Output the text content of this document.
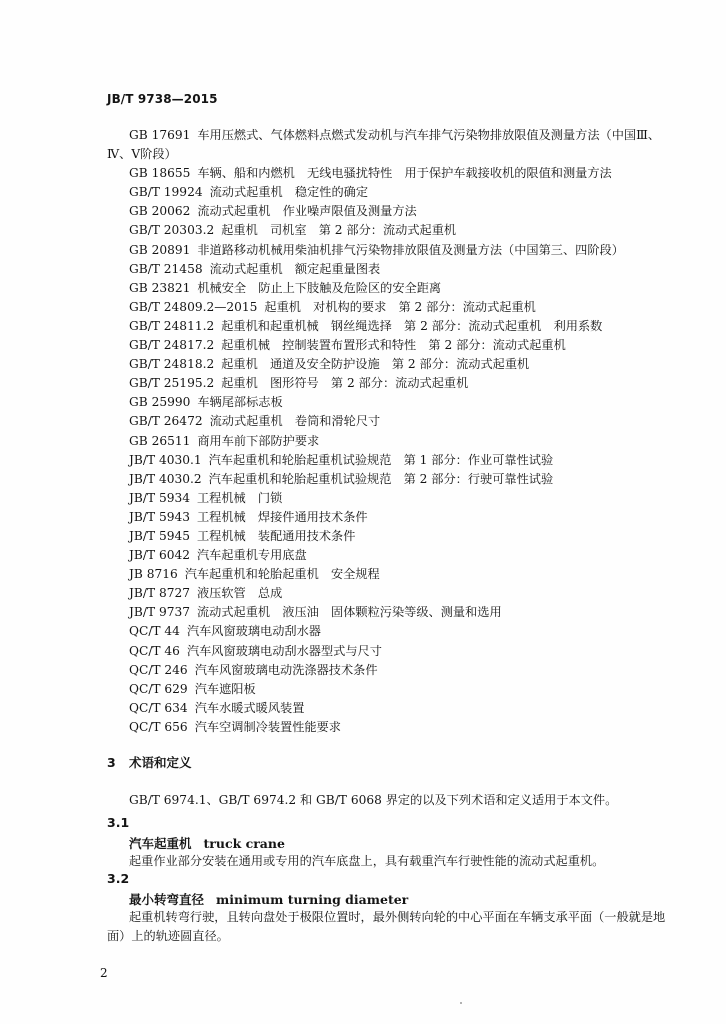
JB/T 9738—2015
GB 17691 车用压燃式、气体燃料点燃式发动机与汽车排气污染物排放限值及测量方法（中国Ⅲ、
Ⅳ、Ⅴ阶段）
GB 18655 车辆、船和内燃机　无线电骚扰特性　用于保护车载接收机的限值和测量方法
GB/T 19924 流动式起重机　稳定性的确定
GB 20062 流动式起重机　作业噪声限值及测量方法
GB/T 20303.2 起重机　司机室　第 2 部分：流动式起重机
GB 20891 非道路移动机械用柴油机排气污染物排放限值及测量方法（中国第三、四阶段）
GB/T 21458 流动式起重机　额定起重量图表
GB 23821 机械安全　防止上下肢触及危险区的安全距离
GB/T 24809.2—2015 起重机　对机构的要求　第 2 部分：流动式起重机
GB/T 24811.2 起重机和起重机械　钢丝绳选择　第 2 部分：流动式起重机　利用系数
GB/T 24817.2 起重机械　控制装置布置形式和特性　第 2 部分：流动式起重机
GB/T 24818.2 起重机　通道及安全防护设施　第 2 部分：流动式起重机
GB/T 25195.2 起重机　图形符号　第 2 部分：流动式起重机
GB 25990 车辆尾部标志板
GB/T 26472 流动式起重机　卷筒和滑轮尺寸
GB 26511 商用车前下部防护要求
JB/T 4030.1 汽车起重机和轮胎起重机试验规范　第 1 部分：作业可靠性试验
JB/T 4030.2 汽车起重机和轮胎起重机试验规范　第 2 部分：行驶可靠性试验
JB/T 5934 工程机械　门锁
JB/T 5943 工程机械　焊接件通用技术条件
JB/T 5945 工程机械　装配通用技术条件
JB/T 6042 汽车起重机专用底盘
JB 8716 汽车起重机和轮胎起重机　安全规程
JB/T 8727 液压软管　总成
JB/T 9737 流动式起重机　液压油　固体颗粒污染等级、测量和选用
QC/T 44 汽车风窗玻璃电动刮水器
QC/T 46 汽车风窗玻璃电动刮水器型式与尺寸
QC/T 246 汽车风窗玻璃电动洗涤器技术条件
QC/T 629 汽车遮阳板
QC/T 634 汽车水暖式暖风装置
QC/T 656 汽车空调制冷装置性能要求
3 术语和定义
GB/T 6974.1、GB/T 6974.2 和 GB/T 6068 界定的以及下列术语和定义适用于本文件。
3.1
汽车起重机 truck crane
起重作业部分安装在通用或专用的汽车底盘上，具有载重汽车行驶性能的流动式起重机。
3.2
最小转弯直径 minimum turning diameter
起重机转弯行驶，且转向盘处于极限位置时，最外侧转向轮的中心平面在车辆支承平面（一般就是地面）上的轨迹圆直径。
2
